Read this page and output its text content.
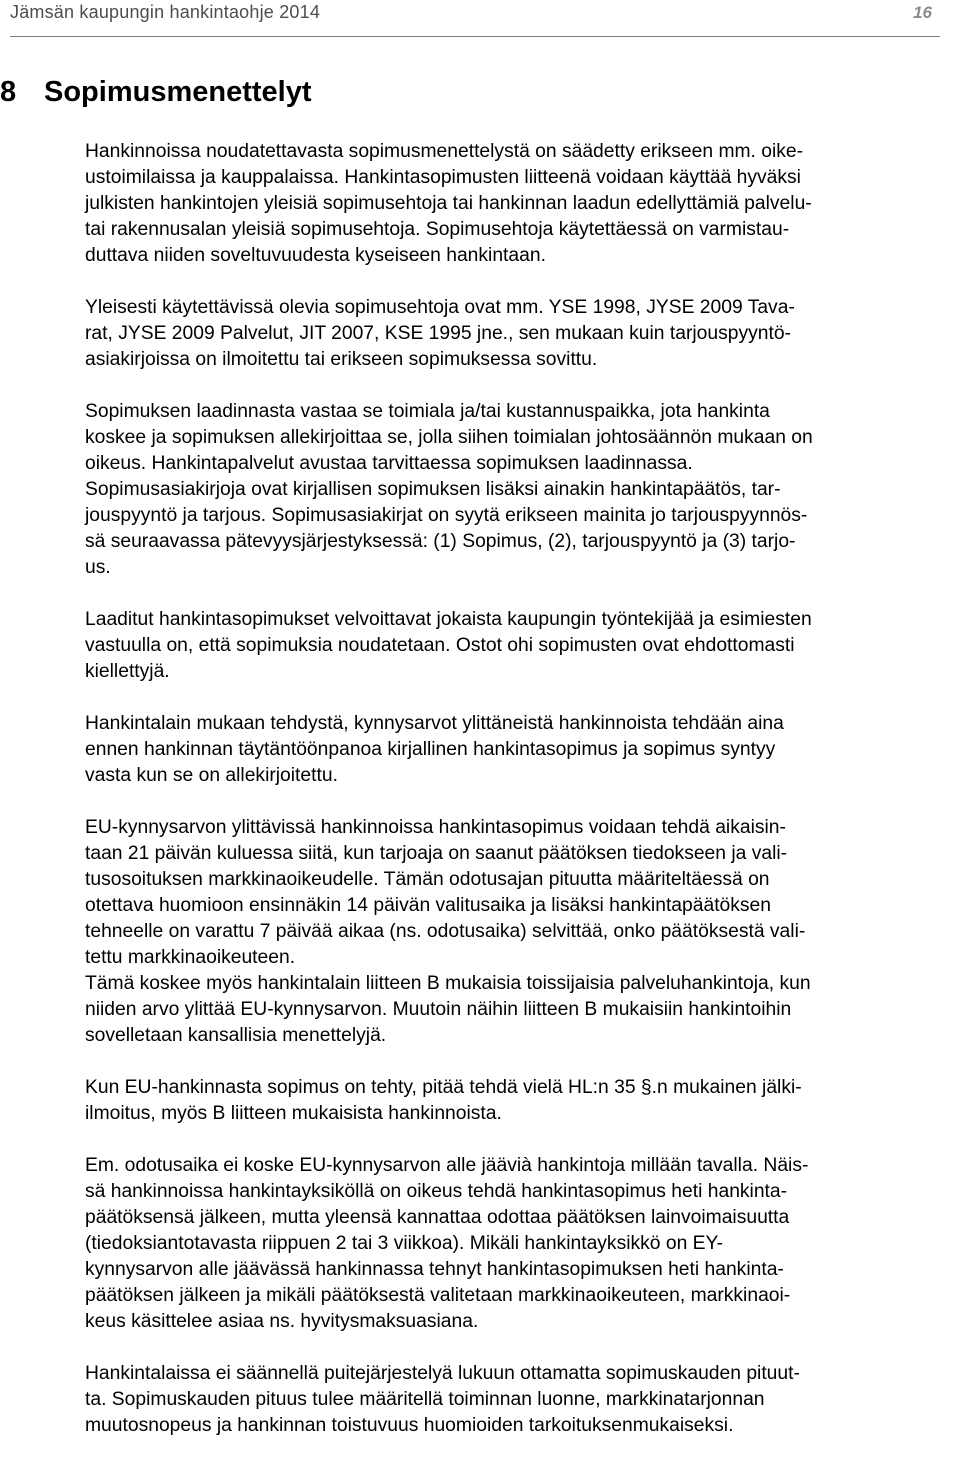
Jämsän kaupungin hankintaohje 2014	16
8 Sopimusmenettelyt
Hankinnoissa noudatettavasta sopimusmenettelystä on säädetty erikseen mm. oike-
ustoimilaissa ja kauppalaissa. Hankintasopimusten liitteenä voidaan käyttää hyväksi
julkisten hankintojen yleisiä sopimusehtoja tai hankinnan laadun edellyttämiä palvelu-
tai rakennusalan yleisiä sopimusehtoja. Sopimusehtoja käytettäessä on varmistau-
duttava niiden soveltuvuudesta kyseiseen hankintaan.
Yleisesti käytettävissä olevia sopimusehtoja ovat mm. YSE 1998, JYSE 2009 Tava-
rat, JYSE 2009 Palvelut, JIT 2007, KSE 1995 jne., sen mukaan kuin tarjouspyyntö-
asiakirjoissa on ilmoitettu tai erikseen sopimuksessa sovittu.
Sopimuksen laadinnasta vastaa se toimiala ja/tai kustannuspaikka, jota hankinta
koskee ja sopimuksen allekirjoittaa se, jolla siihen toimialan johtosäännön mukaan on
oikeus. Hankintapalvelut avustaa tarvittaessa sopimuksen laadinnassa.
Sopimusasiakirjoja ovat kirjallisen sopimuksen lisäksi ainakin hankintapäätös, tar-
jouspyyntö ja tarjous. Sopimusasiakirjat on syytä erikseen mainita jo tarjouspyynnös-
sä seuraavassa pätevyysjärjestyksessä: (1) Sopimus, (2), tarjouspyyntö ja (3) tarjo-
us.
Laaditut hankintasopimukset velvoittavat jokaista kaupungin työntekijää ja esimiesten
vastuulla on, että sopimuksia noudatetaan. Ostot ohi sopimusten ovat ehdottomasti
kiellettyjä.
Hankintalain mukaan tehdystä, kynnysarvot ylittäneistä hankinnoista tehdään aina
ennen hankinnan täytäntöönpanoa kirjallinen hankintasopimus ja sopimus syntyy
vasta kun se on allekirjoitettu.
EU-kynnysarvon ylittävissä hankinnoissa hankintasopimus voidaan tehdä aikaisin-
taan 21 päivän kuluessa siitä, kun tarjoaja on saanut päätöksen tiedokseen ja vali-
tusosoituksen markkinaoikeudelle. Tämän odotusajan pituutta määriteltäessä on
otettava huomioon ensinnäkin 14 päivän valitusaika ja lisäksi hankintapäätöksen
tehneelle on varattu 7 päivää aikaa (ns. odotusaika) selvittää, onko päätöksestä vali-
tettu markkinaoikeuteen.
Tämä koskee myös hankintalain liitteen B mukaisia toissijaisia palveluhankintoja, kun
niiden arvo ylittää EU-kynnysarvon. Muutoin näihin liitteen B mukaisiin hankintoihin
sovelletaan kansallisia menettelyjä.
Kun EU-hankinnasta sopimus on tehty, pitää tehdä vielä HL:n 35 §.n mukainen jälki-
ilmoitus, myös B liitteen mukaisista hankinnoista.
Em. odotusaika ei koske EU-kynnysarvon alle jäävià hankintoja millään tavalla. Näis-
sä hankinnoissa hankintayksiköllä on oikeus tehdä hankintasopimus heti hankinta-
päätöksensä jälkeen, mutta yleensä kannattaa odottaa päätöksen lainvoimaisuutta
(tiedoksiantotavasta riippuen 2 tai 3 viikkoa). Mikäli hankintayksikkö on EY-
kynnysarvon alle jäävässä hankinnassa tehnyt hankintasopimuksen heti hankinta-
päätöksen jälkeen ja mikäli päätöksestä valitetaan markkinaoikeuteen, markkinaoi-
keus käsittelee asiaa ns. hyvitysmaksuasiana.
Hankintalaissa ei säännellä puitejärjestelyä lukuun ottamatta sopimuskauden pituut-
ta. Sopimuskauden pituus tulee määritellä toiminnan luonne, markkinatarjonnan
muutosnopeus ja hankinnan toistuvuus huomioiden tarkoituksenmukaiseksi.
